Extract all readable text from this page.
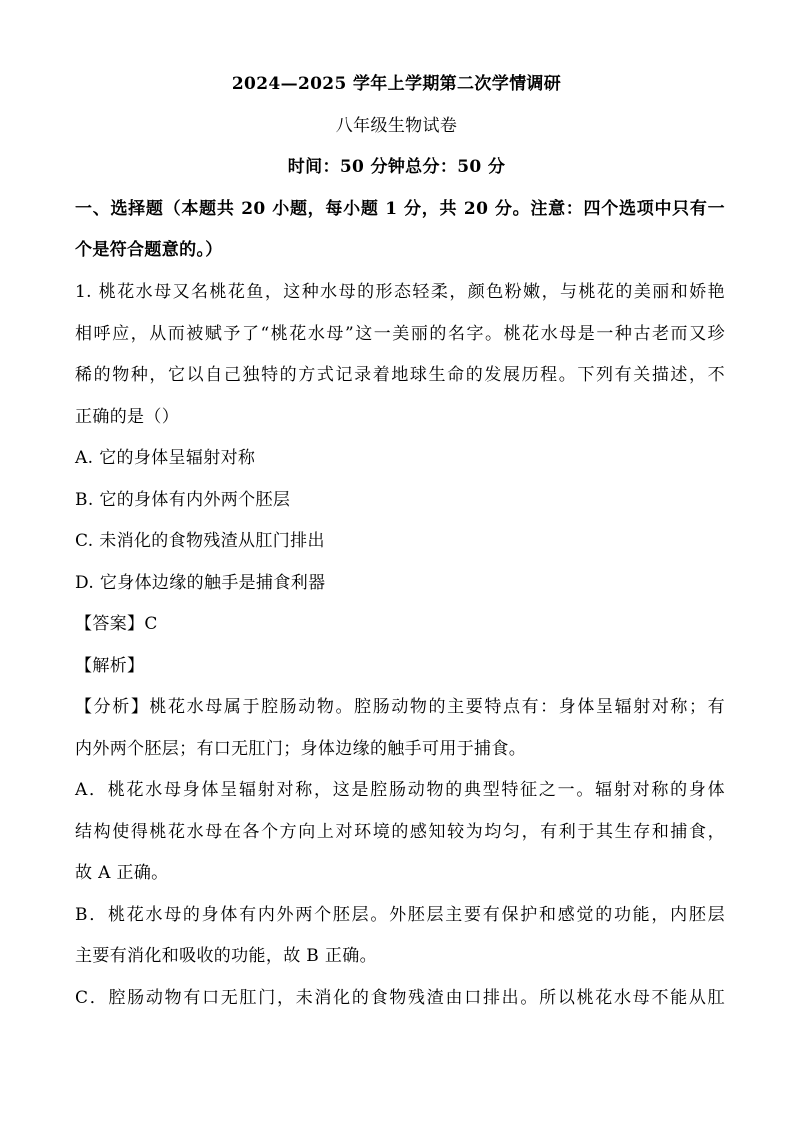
2024—2025 学年上学期第二次学情调研
八年级生物试卷
时间：50 分钟总分：50 分
一、选择题（本题共 20 小题，每小题 1 分，共 20 分。注意：四个选项中只有一
个是符合题意的。）
1. 桃花水母又名桃花鱼，这种水母的形态轻柔，颜色粉嫩，与桃花的美丽和娇艳
相呼应，从而被赋予了“桃花水母”这一美丽的名字。桃花水母是一种古老而又珍
稀的物种，它以自己独特的方式记录着地球生命的发展历程。下列有关描述，不
正确的是（）
A. 它的身体呈辐射对称
B. 它的身体有内外两个胚层
C. 未消化的食物残渣从肛门排出
D. 它身体边缘的触手是捕食利器
【答案】C
【解析】
【分析】桃花水母属于腔肠动物。腔肠动物的主要特点有：身体呈辐射对称；有
内外两个胚层；有口无肛门；身体边缘的触手可用于捕食。
A．桃花水母身体呈辐射对称，这是腔肠动物的典型特征之一。辐射对称的身体
结构使得桃花水母在各个方向上对环境的感知较为均匀，有利于其生存和捕食，
故 A 正确。
B．桃花水母的身体有内外两个胚层。外胚层主要有保护和感觉的功能，内胚层
主要有消化和吸收的功能，故 B 正确。
C．腔肠动物有口无肛门，未消化的食物残渣由口排出。所以桃花水母不能从肛
